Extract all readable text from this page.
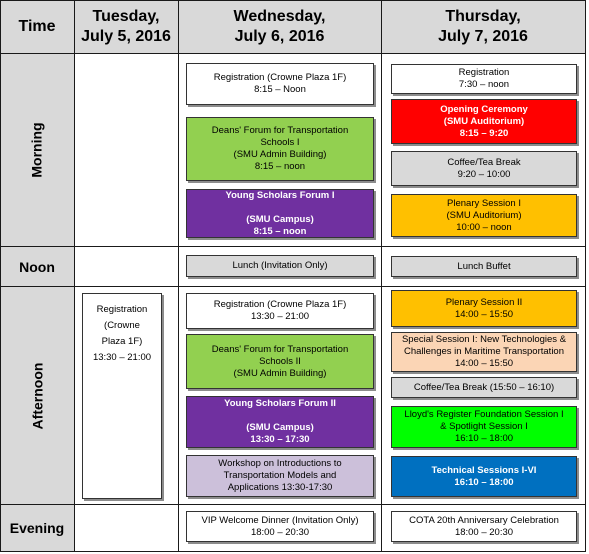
Time
Tuesday,
July 5, 2016
Wednesday,
July 6, 2016
Thursday,
July 7, 2016
Morning
Noon
Afternoon
Evening
Registration
(Crowne
Plaza 1F)
13:30 – 21:00
Registration (Crowne Plaza 1F)
8:15 – Noon
Deans' Forum for Transportation
Schools I
(SMU Admin Building)
8:15 – noon
Young Scholars Forum I

(SMU Campus)
8:15 – noon
Lunch (Invitation Only)
Registration (Crowne Plaza 1F)
13:30 – 21:00
Deans' Forum for Transportation
Schools II
(SMU Admin Building)
Young Scholars Forum II

(SMU Campus)
13:30 – 17:30
Workshop on Introductions to
Transportation Models and
Applications 13:30-17:30
VIP Welcome Dinner (Invitation Only)
18:00 – 20:30
Registration
7:30 – noon
Opening Ceremony
(SMU Auditorium)
8:15 – 9:20
Coffee/Tea Break
9:20 – 10:00
Plenary Session I
(SMU Auditorium)
10:00 – noon
Lunch Buffet
Plenary Session II
14:00 – 15:50
Special Session I: New Technologies &
Challenges in Maritime Transportation
14:00 – 15:50
Coffee/Tea Break (15:50 – 16:10)
Lloyd's Register Foundation Session I
& Spotlight Session I
16:10 – 18:00
Technical Sessions I-VI
16:10 – 18:00
COTA 20th Anniversary Celebration
18:00 – 20:30
